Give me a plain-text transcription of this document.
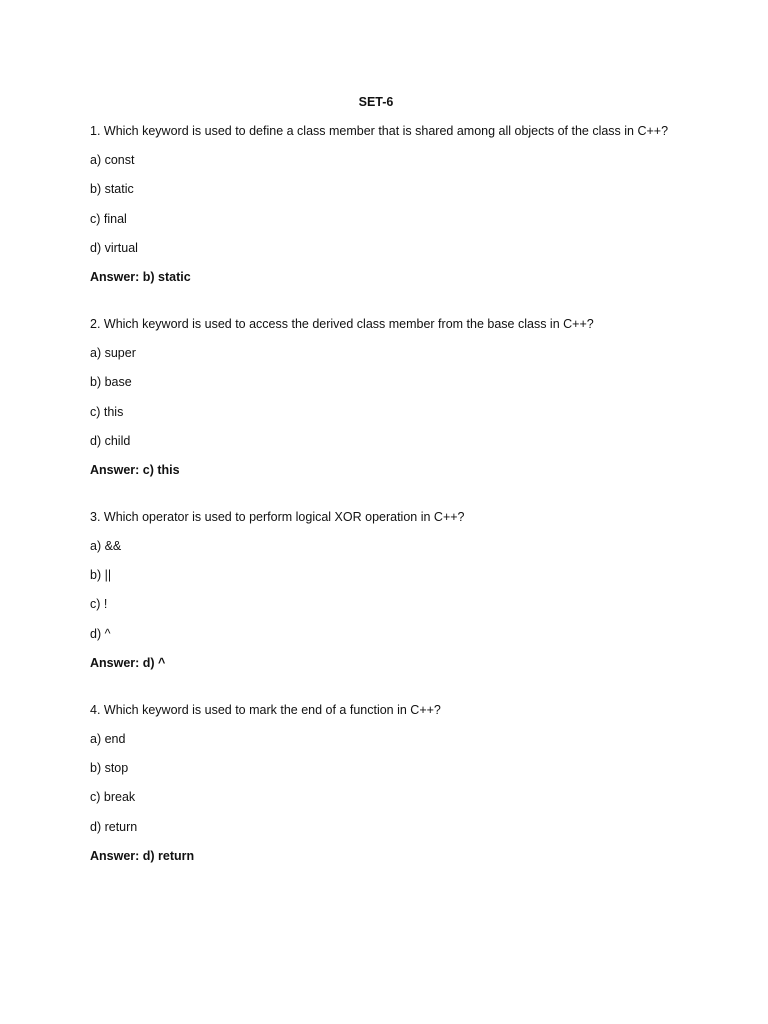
SET-6
1. Which keyword is used to define a class member that is shared among all objects of the class in C++?
a) const
b) static
c) final
d) virtual
Answer: b) static
2. Which keyword is used to access the derived class member from the base class in C++?
a) super
b) base
c) this
d) child
Answer: c) this
3. Which operator is used to perform logical XOR operation in C++?
a) &&
b) ||
c) !
d) ^
Answer: d) ^
4. Which keyword is used to mark the end of a function in C++?
a) end
b) stop
c) break
d) return
Answer: d) return
